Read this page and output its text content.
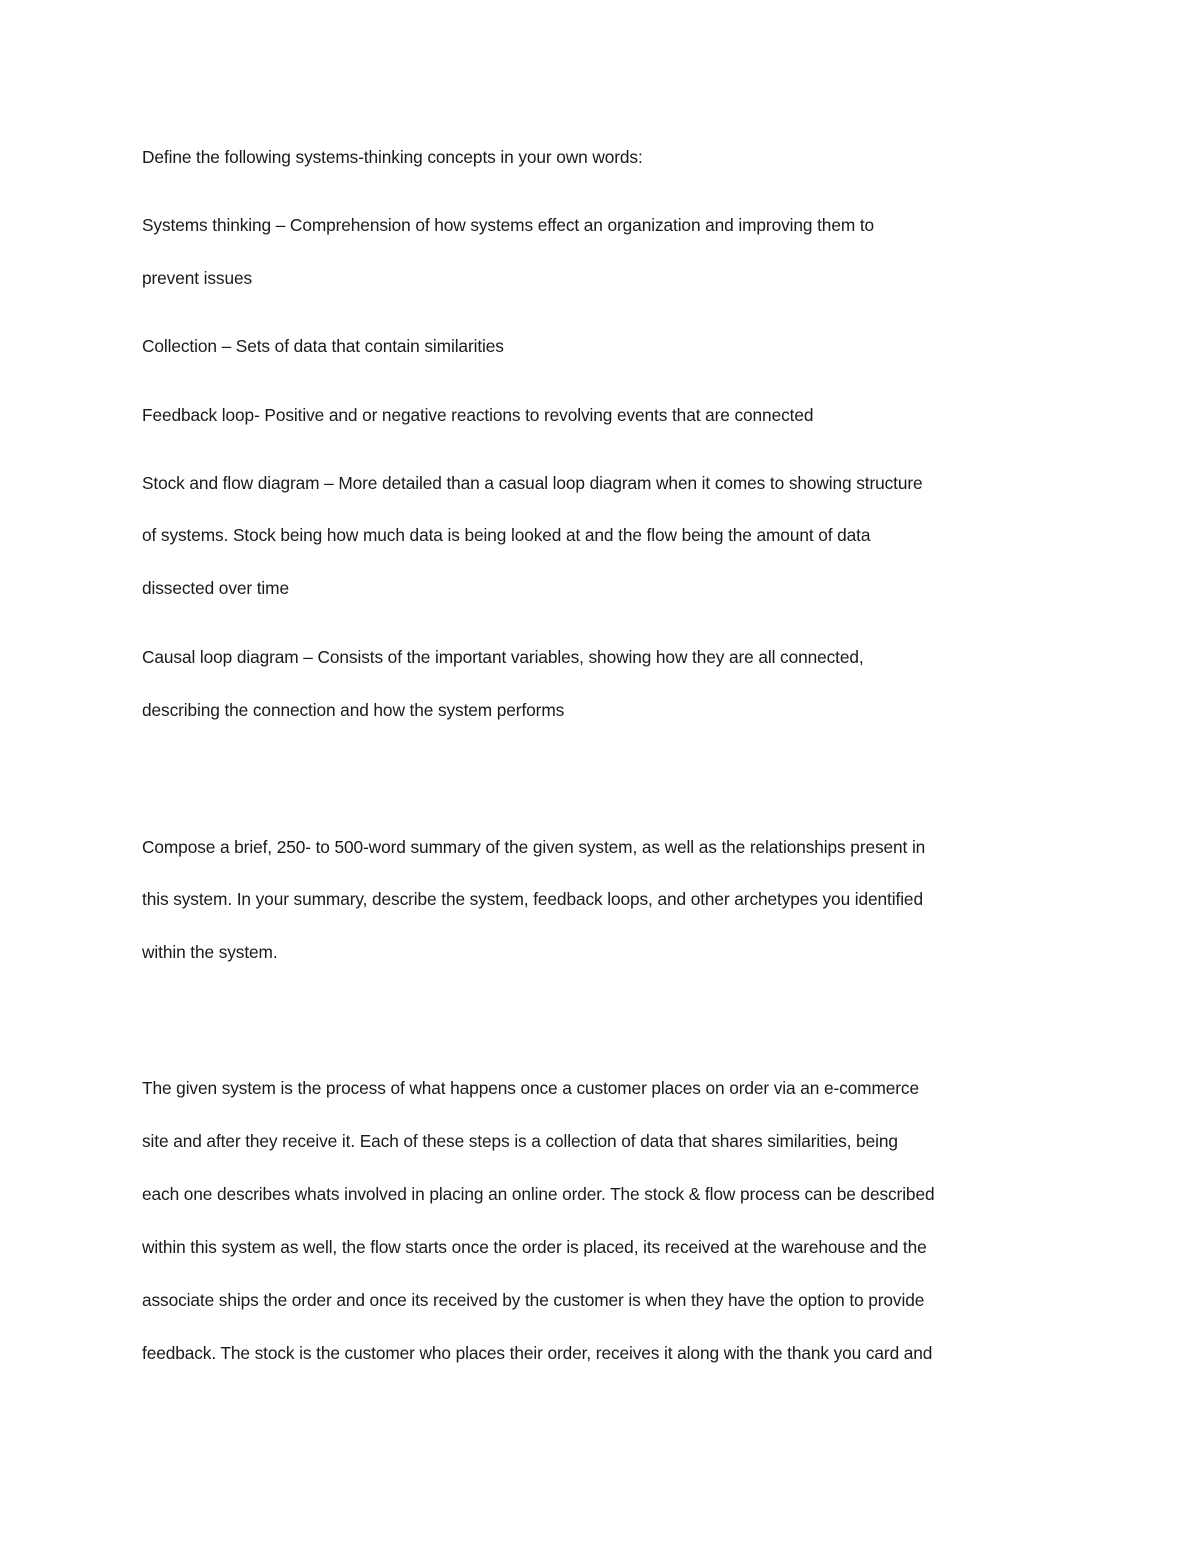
Define the following systems-thinking concepts in your own words:
Systems thinking – Comprehension of how systems effect an organization and improving them to
prevent issues
Collection – Sets of data that contain similarities
Feedback loop- Positive and or negative reactions to revolving events that are connected
Stock and flow diagram – More detailed than a casual loop diagram when it comes to showing structure
of systems. Stock being how much data is being looked at and the flow being the amount of data
dissected over time
Causal loop diagram – Consists of the important variables, showing how they are all connected,
describing the connection and how the system performs
Compose a brief, 250- to 500-word summary of the given system, as well as the relationships present in
this system. In your summary, describe the system, feedback loops, and other archetypes you identified
within the system.
The given system is the process of what happens once a customer places on order via an e-commerce
site and after they receive it. Each of these steps is a collection of data that shares similarities, being
each one describes whats involved in placing an online order. The stock & flow process can be described
within this system as well, the flow starts once the order is placed, its received at the warehouse and the
associate ships the order and once its received by the customer is when they have the option to provide
feedback. The stock is the customer who places their order, receives it along with the thank you card and
